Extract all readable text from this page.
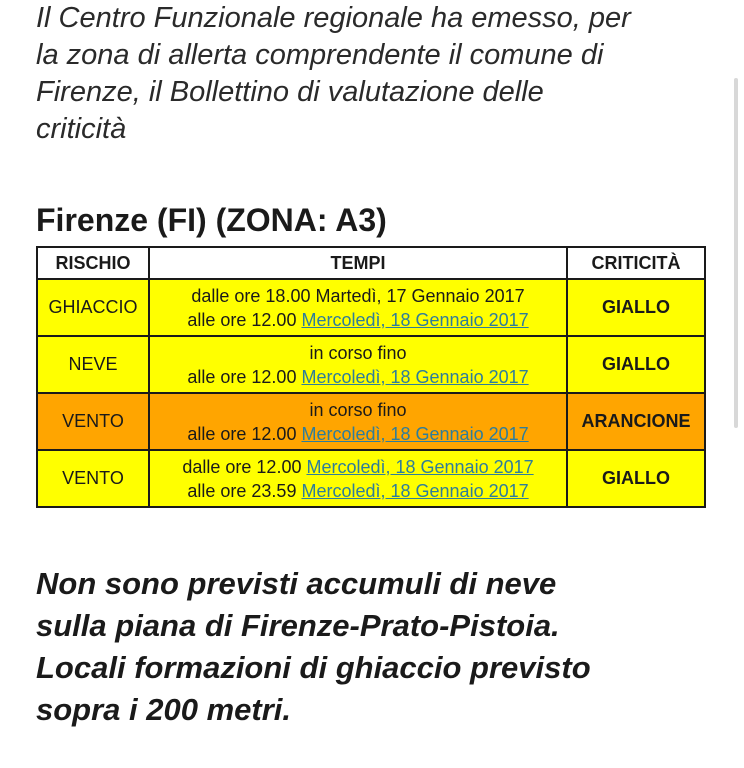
Il Centro Funzionale regionale ha emesso, per
la zona di allerta comprendente il comune di
Firenze, il Bollettino di valutazione delle
criticità
Firenze (FI) (ZONA: A3)
RISCHIO	TEMPI	CRITICITÀ
GHIACCIO	dalle ore 18.00 Martedì, 17 Gennaio 2017
alle ore 12.00 Mercoledì, 18 Gennaio 2017	GIALLO
NEVE	in corso fino
alle ore 12.00 Mercoledì, 18 Gennaio 2017	GIALLO
VENTO	in corso fino
alle ore 12.00 Mercoledì, 18 Gennaio 2017	ARANCIONE
VENTO	dalle ore 12.00 Mercoledì, 18 Gennaio 2017
alle ore 23.59 Mercoledì, 18 Gennaio 2017	GIALLO
Non sono previsti accumuli di neve
sulla piana di Firenze-Prato-Pistoia.
Locali formazioni di ghiaccio previsto
sopra i 200 metri.
